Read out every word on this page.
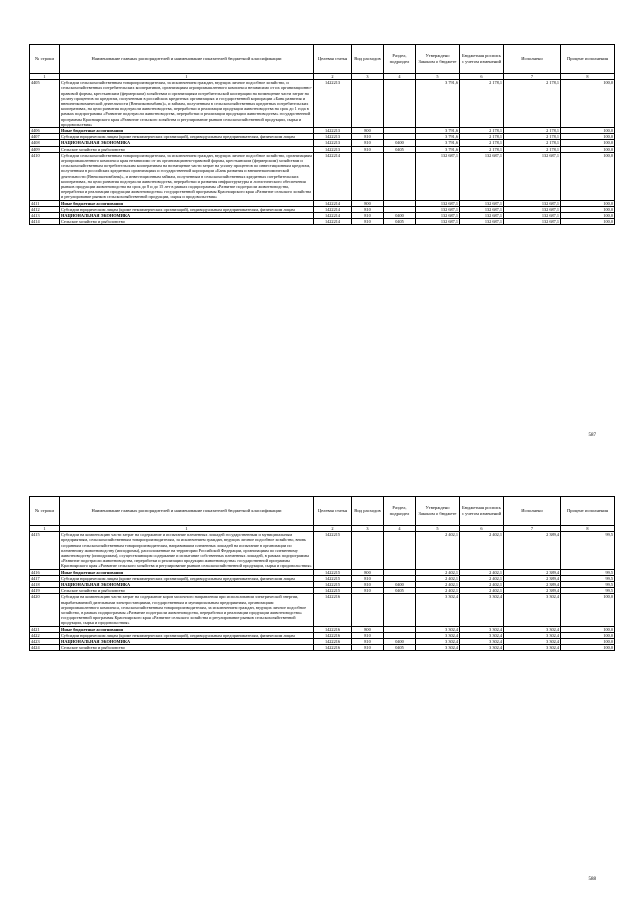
№ строки	Наименование главных распорядителей и наименование показателей бюджетной классификации	Целевая статья	Вид расходов	Раздел, подраздел	Утверждено Законом о бюджете	Бюджетная роспись с учетом изменений	Исполнено	Процент исполнения
1	1	2	3	4	5	6	7	8
4405	Субсидии сельскохозяйственным товаропроизводителям, за исключением граждан, ведущих личное подсобное хозяйство, и сельскохозяйственных потребительских кооперативов, организациям агропромышленного комплекса независимо от их организационно-правовой формы, крестьянским (фермерским) хозяйствам и организациям потребительской кооперации на возмещение части затрат на уплату процентов по кредитам, полученным в российских кредитных организациях и государственной корпорации «Банк развития и внешнеэкономической деятельности (Внешэкономбанк)», и займам, полученным в сельскохозяйственных кредитных потребительских кооперативах, на цели развития подотрасли животноводства, переработки и реализации продукции животноводства на срок до 1 года в рамках подпрограммы «Развитие подотрасли животноводства, переработки и реализации продукции животноводства» государственной программы Красноярского края «Развитие сельского хозяйства и регулирование рынков сельскохозяйственной продукции, сырья и продовольствия»	1422213			3 791,6	2 178,1	2 178,1	100,0
4406	Иные бюджетные ассигнования	1422213	800		3 791,6	2 178,1	2 178,1	100,0
4407	Субсидии юридическим лицам (кроме некоммерческих организаций), индивидуальным предпринимателям, физическим лицам	1422213	810		3 791,6	2 178,1	2 178,1	100,0
4408	НАЦИОНАЛЬНАЯ ЭКОНОМИКА	1422213	810	0400	3 791,6	2 178,1	2 178,1	100,0
4409	Сельское хозяйство и рыболовство	1422213	810	0405	3 791,6	2 178,1	2 178,1	100,0
4410	Субсидии сельскохозяйственным товаропроизводителям, за исключением граждан, ведущих личное подсобное хозяйство, организациям агропромышленного комплекса края независимо от их организационно-правовой формы, крестьянским (фермерским) хозяйствам и сельскохозяйственным потребительским кооперативам на возмещение части затрат на уплату процентов по инвестиционным кредитам, полученным в российских кредитных организациях и государственной корпорации «Банк развития и внешнеэкономической деятельности (Внешэкономбанк)», и инвестиционным займам, полученным в сельскохозяйственных кредитных потребительских кооперативах, на цели развития подотрасли животноводства, переработки и развития инфраструктуры и логистического обеспечения рынков продукции животноводства на срок до 8 и до 15 лет в рамках подпрограммы «Развитие подотрасли животноводства, переработки и реализации продукции животноводства» государственной программы Красноярского края «Развитие сельского хозяйства и регулирование рынков сельскохозяйственной продукции, сырья и продовольствия»	1422214			132 687,1	132 687,1	132 687,1	100,0
4411	Иные бюджетные ассигнования	1422214	800		132 687,1	132 687,1	132 687,1	100,0
4412	Субсидии юридическим лицам (кроме некоммерческих организаций), индивидуальным предпринимателям, физическим лицам	1422214	810		132 687,1	132 687,1	132 687,1	100,0
4413	НАЦИОНАЛЬНАЯ ЭКОНОМИКА	1422214	810	0400	132 687,1	132 687,1	132 687,1	100,0
4414	Сельское хозяйство и рыболовство	1422214	810	0405	132 687,1	132 687,1	132 687,1	100,0
587
№ строки	Наименование главных распорядителей и наименование показателей бюджетной классификации	Целевая статья	Вид расходов	Раздел, подраздел	Утверждено Законом о бюджете	Бюджетная роспись с учетом изменений	Исполнено	Процент исполнения
1	1	2	3	4	5	6	7	8
4415	Субсидии на компенсацию части затрат на содержание и испытание племенных лошадей государственным и муниципальным предприятиям, сельскохозяйственным товаропроизводителям, за исключением граждан, ведущих личное подсобное хозяйство, вновь созданным сельскохозяйственным товаропроизводителям, направившим племенных лошадей на испытание в организации по племенному животноводству (ипподромы), расположенные на территории Российской Федерации, организациям по племенному животноводству (ипподромам), осуществляющим содержание и испытание собственных племенных лошадей, в рамках подпрограммы «Развитие подотрасли животноводства, переработки и реализации продукции животноводства» государственной программы Красноярского края «Развитие сельского хозяйства и регулирование рынков сельскохозяйственной продукции, сырья и продовольствия»	1422215			2 402,1	2 402,1	2 389,4	99,5
4416	Иные бюджетные ассигнования	1422215	800		2 402,1	2 402,1	2 389,4	99,5
4417	Субсидии юридическим лицам (кроме некоммерческих организаций), индивидуальным предпринимателям, физическим лицам	1422215	810		2 402,1	2 402,1	2 389,4	99,5
4418	НАЦИОНАЛЬНАЯ ЭКОНОМИКА	1422215	810	0400	2 402,1	2 402,1	2 389,4	99,5
4419	Сельское хозяйство и рыболовство	1422215	810	0405	2 402,1	2 402,1	2 389,4	99,5
4420	Субсидии на компенсацию части затрат на содержание коров молочного направления при использовании электрической энергии, вырабатываемой дизельными электростанциями, государственным и муниципальным предприятиям, организациям агропромышленного комплекса, сельскохозяйственным товаропроизводителям, за исключением граждан, ведущих личное подсобное хозяйство, в рамках подпрограммы «Развитие подотрасли животноводства, переработки и реализации продукции животноводства» государственной программы Красноярского края «Развитие сельского хозяйства и регулирование рынков сельскохозяйственной продукции, сырья и продовольствия»	1422216			3 302,4	3 302,4	3 302,4	100,0
4421	Иные бюджетные ассигнования	1422216	800		3 302,4	3 302,4	3 302,4	100,0
4422	Субсидии юридическим лицам (кроме некоммерческих организаций), индивидуальным предпринимателям, физическим лицам	1422216	810		3 302,4	3 302,4	3 302,4	100,0
4423	НАЦИОНАЛЬНАЯ ЭКОНОМИКА	1422216	810	0400	3 302,4	3 302,4	3 302,4	100,0
4424	Сельское хозяйство и рыболовство	1422216	810	0405	3 302,4	3 302,4	3 302,4	100,0
588
